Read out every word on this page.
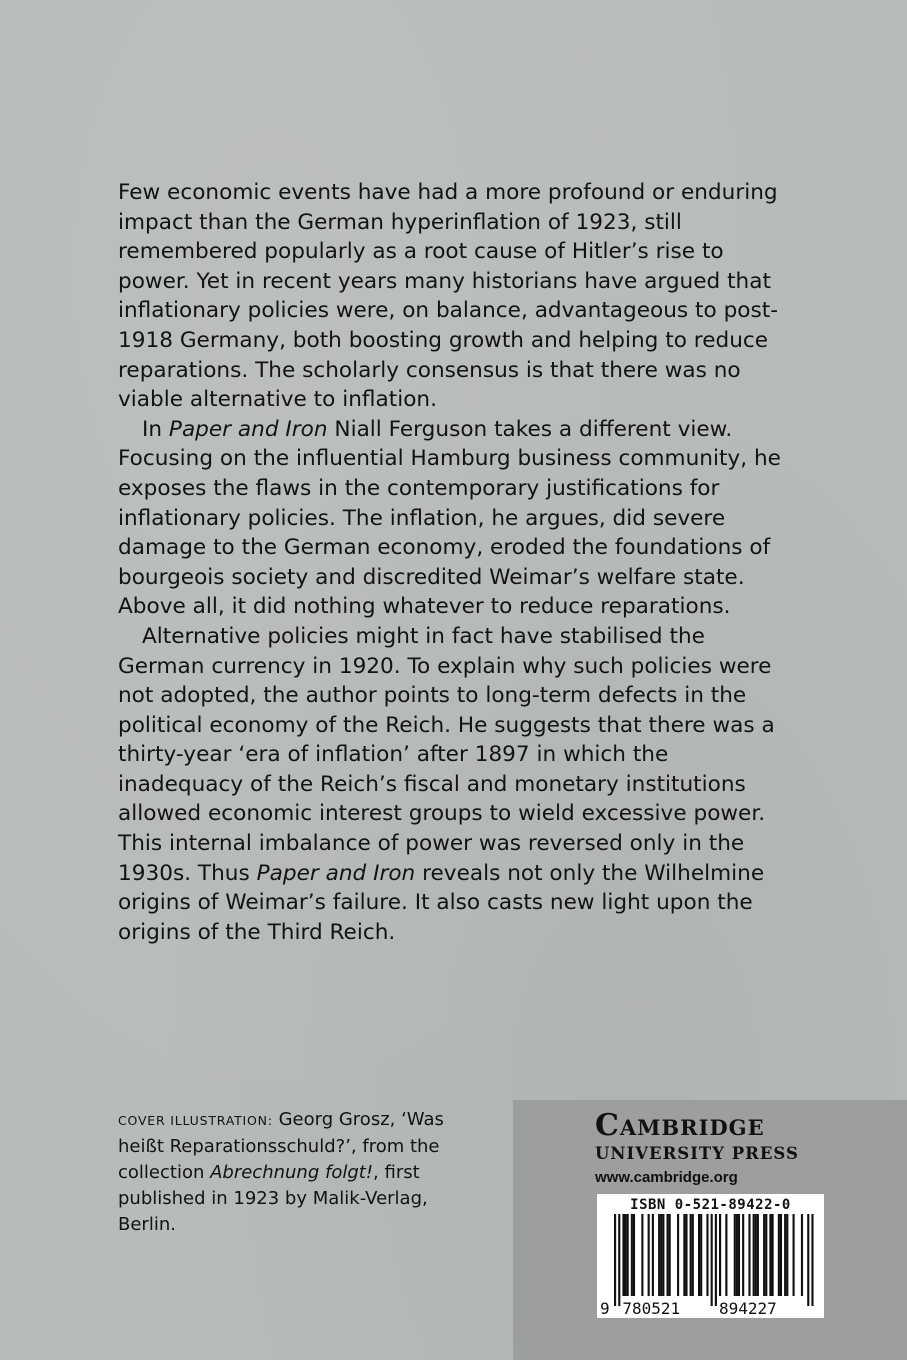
Few economic events have had a more profound or enduring impact than the German hyperinflation of 1923, still remembered popularly as a root cause of Hitler’s rise to power. Yet in recent years many historians have argued that inflationary policies were, on balance, advantageous to post-1918 Germany, both boosting growth and helping to reduce reparations. The scholarly consensus is that there was no viable alternative to inflation.

In Paper and Iron Niall Ferguson takes a different view. Focusing on the influential Hamburg business community, he exposes the flaws in the contemporary justifications for inflationary policies. The inflation, he argues, did severe damage to the German economy, eroded the foundations of bourgeois society and discredited Weimar’s welfare state. Above all, it did nothing whatever to reduce reparations.

Alternative policies might in fact have stabilised the German currency in 1920. To explain why such policies were not adopted, the author points to long-term defects in the political economy of the Reich. He suggests that there was a thirty-year ‘era of inflation’ after 1897 in which the inadequacy of the Reich’s fiscal and monetary institutions allowed economic interest groups to wield excessive power. This internal imbalance of power was reversed only in the 1930s. Thus Paper and Iron reveals not only the Wilhelmine origins of Weimar’s failure. It also casts new light upon the origins of the Third Reich.

COVER ILLUSTRATION: Georg Grosz, ‘Was heißt Reparationsschuld?’, from the collection Abrechnung folgt!, first published in 1923 by Malik-Verlag, Berlin.
Cambridge
UNIVERSITY PRESS
www.cambridge.org
ISBN 0-521-89422-0
9 780521 894227
